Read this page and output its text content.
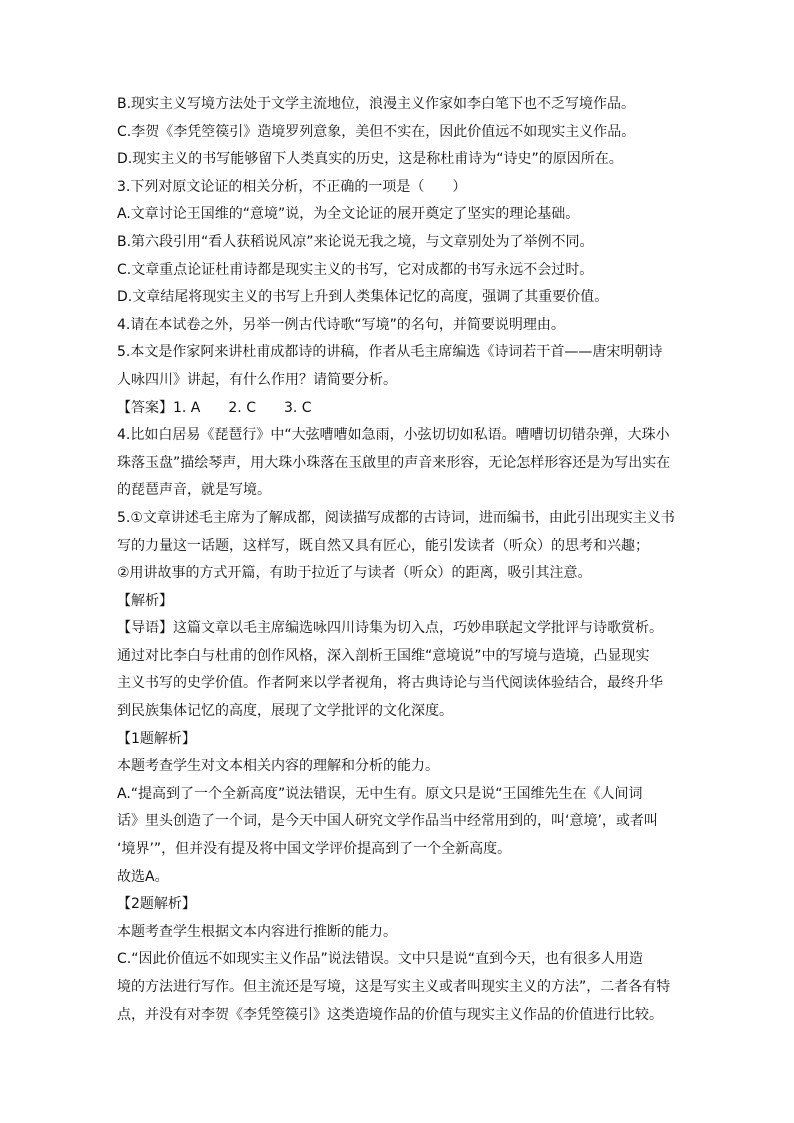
B.现实主义写境方法处于文学主流地位，浪漫主义作家如李白笔下也不乏写境作品。
C.李贺《李凭箜篌引》造境罗列意象，美但不实在，因此价值远不如现实主义作品。
D.现实主义的书写能够留下人类真实的历史，这是称杜甫诗为“诗史”的原因所在。
3.下列对原文论证的相关分析，不正确的一项是（　　）
A.文章讨论王国维的“意境”说，为全文论证的展开奠定了坚实的理论基础。
B.第六段引用“看人获稻说风凉”来论说无我之境，与文章别处为了举例不同。
C.文章重点论证杜甫诗都是现实主义的书写，它对成都的书写永远不会过时。
D.文章结尾将现实主义的书写上升到人类集体记忆的高度，强调了其重要价值。
4.请在本试卷之外，另举一例古代诗歌“写境”的名句，并简要说明理由。
5.本文是作家阿来讲杜甫成都诗的讲稿，作者从毛主席编选《诗词若干首——唐宋明朝诗
人咏四川》讲起，有什么作用？请简要分析。
【答案】1. A　　2. C　　3. C
4.比如白居易《琵琶行》中“大弦嘈嘈如急雨，小弦切切如私语。嘈嘈切切错杂弹，大珠小
珠落玉盘”描绘琴声，用大珠小珠落在玉啟里的声音来形容，无论怎样形容还是为写出实在
的琵琶声音，就是写境。
5.①文章讲述毛主席为了解成都，阅读描写成都的古诗词，进而编书，由此引出现实主义书
写的力量这一话题，这样写，既自然又具有匠心，能引发读者（听众）的思考和兴趣；
②用讲故事的方式开篇，有助于拉近了与读者（听众）的距离，吸引其注意。
【解析】
【导语】这篇文章以毛主席编选咏四川诗集为切入点，巧妙串联起文学批评与诗歌赏析。
通过对比李白与杜甫的创作风格，深入剖析王国维“意境说”中的写境与造境，凸显现实
主义书写的史学价值。作者阿来以学者视角，将古典诗论与当代阅读体验结合，最终升华
到民族集体记忆的高度，展现了文学批评的文化深度。
【1题解析】
本题考查学生对文本相关内容的理解和分析的能力。
A.“提高到了一个全新高度”说法错误，无中生有。原文只是说“王国维先生在《人间词
话》里头创造了一个词，是今天中国人研究文学作品当中经常用到的，叫‘意境’，或者叫
‘境界’”，但并没有提及将中国文学评价提高到了一个全新高度。
故选A。
【2题解析】
本题考查学生根据文本内容进行推断的能力。
C.“因此价值远不如现实主义作品”说法错误。文中只是说“直到今天，也有很多人用造
境的方法进行写作。但主流还是写境，这是写实主义或者叫现实主义的方法”，二者各有特
点，并没有对李贺《李凭箜篌引》这类造境作品的价值与现实主义作品的价值进行比较。
